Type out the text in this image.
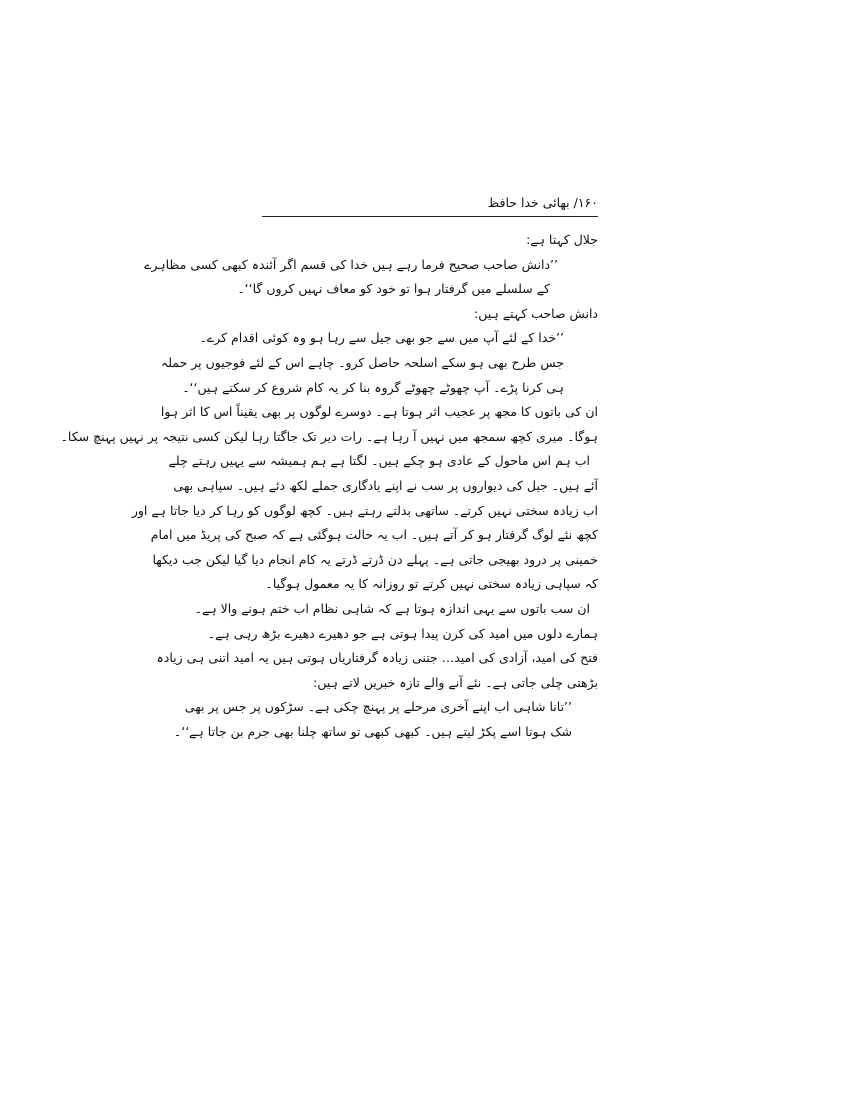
۱۶۰/ بھائی خدا حافظ
جلال کہتا ہے:
’’دانش صاحب صحیح فرما رہے ہیں خدا کی قسم اگر آئندہ کبھی کسی مظاہرے
کے سلسلے میں گرفتار ہوا تو خود کو معاف نہیں کروں گا‘‘۔
دانش صاحب کہتے ہیں:
’’خدا کے لئے آپ میں سے جو بھی جیل سے رہا ہو وہ کوئی اقدام کرے۔
جس طرح بھی ہو سکے اسلحہ حاصل کرو۔ چاہے اس کے لئے فوجیوں پر حملہ
ہی کرنا پڑے۔ آپ چھوٹے چھوٹے گروہ بنا کر یہ کام شروع کر سکتے ہیں‘‘۔
ان کی باتوں کا مجھ پر عجیب اثر ہوتا ہے۔ دوسرے لوگوں پر بھی یقیناً اس کا اثر ہوا
ہوگا۔ میری کچھ سمجھ میں نہیں آ رہا ہے۔ رات دیر تک جاگتا رہا لیکن کسی نتیجہ پر نہیں پہنچ سکا۔
اب ہم اس ماحول کے عادی ہو چکے ہیں۔ لگتا ہے ہم ہمیشہ سے یہیں رہتے چلے
آئے ہیں۔ جیل کی دیواروں پر سب نے اپنے یادگاری جملے لکھ دئے ہیں۔ سپاہی بھی
اب زیادہ سختی نہیں کرتے۔ ساتھی بدلتے رہتے ہیں۔ کچھ لوگوں کو رہا کر دیا جاتا ہے اور
کچھ نئے لوگ گرفتار ہو کر آتے ہیں۔ اب یہ حالت ہوگئی ہے کہ صبح کی پریڈ میں امام
خمینی پر درود بھیجی جاتی ہے۔ پہلے دن ڈرتے ڈرتے یہ کام انجام دیا گیا لیکن جب دیکھا
کہ سپاہی زیادہ سختی نہیں کرتے تو روزانہ کا یہ معمول ہوگیا۔
ان سب باتوں سے یہی اندازہ ہوتا ہے کہ شاہی نظام اب ختم ہونے والا ہے۔
ہمارے دلوں میں امید کی کرن پیدا ہوتی ہے جو دھیرے دھیرے بڑھ رہی ہے۔
فتح کی امید، آزادی کی امید… جتنی زیادہ گرفتاریاں ہوتی ہیں یہ امید اتنی ہی زیادہ
بڑھتی چلی جاتی ہے۔ نئے آنے والے تازہ خبریں لاتے ہیں:
’’تانا شاہی اب اپنے آخری مرحلے پر پہنچ چکی ہے۔ سڑکوں پر جس پر بھی
شک ہوتا اسے پکڑ لیتے ہیں۔ کبھی کبھی تو ساتھ چلنا بھی جرم بن جاتا ہے‘‘۔
